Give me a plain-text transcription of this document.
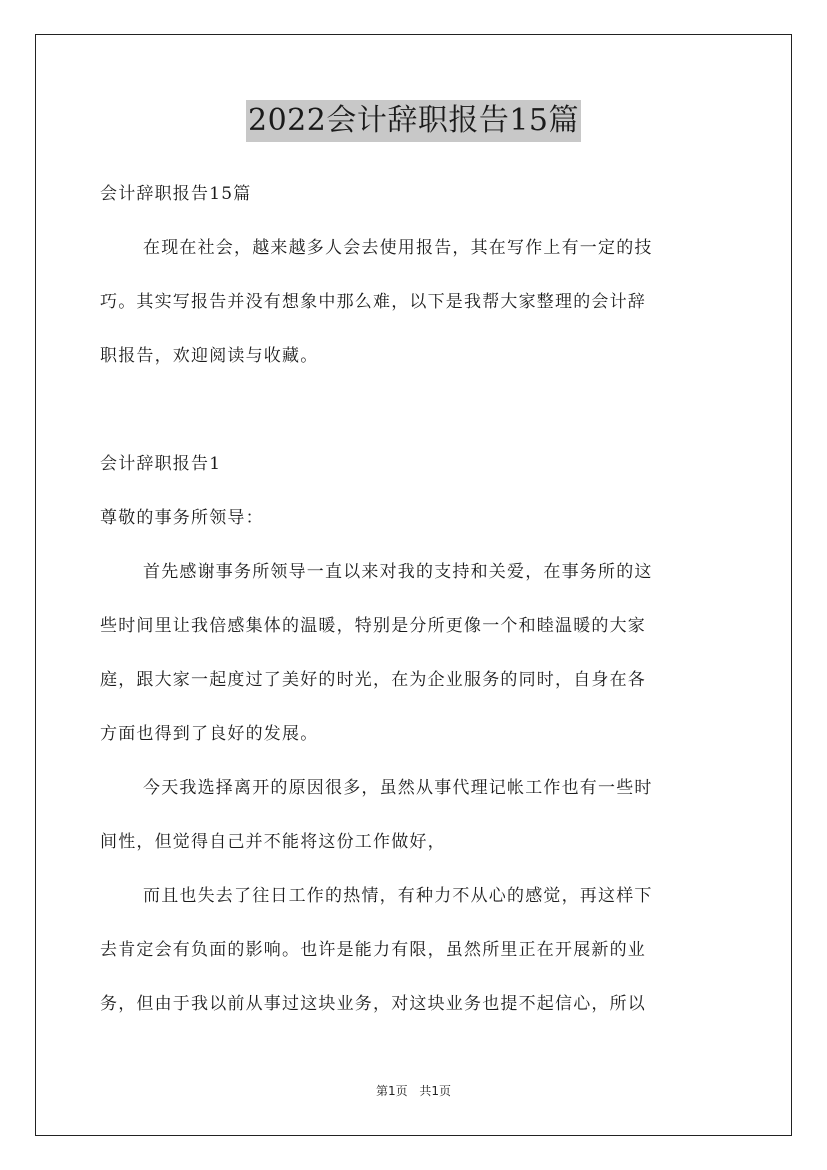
2022会计辞职报告15篇
会计辞职报告15篇
在现在社会，越来越多人会去使用报告，其在写作上有一定的技
巧。其实写报告并没有想象中那么难，以下是我帮大家整理的会计辞
职报告，欢迎阅读与收藏。
会计辞职报告1
尊敬的事务所领导：
首先感谢事务所领导一直以来对我的支持和关爱，在事务所的这
些时间里让我倍感集体的温暖，特别是分所更像一个和睦温暖的大家
庭，跟大家一起度过了美好的时光，在为企业服务的同时，自身在各
方面也得到了良好的发展。
今天我选择离开的原因很多，虽然从事代理记帐工作也有一些时
间性，但觉得自己并不能将这份工作做好，
而且也失去了往日工作的热情，有种力不从心的感觉，再这样下
去肯定会有负面的影响。也许是能力有限，虽然所里正在开展新的业
务，但由于我以前从事过这块业务，对这块业务也提不起信心，所以
第1页 共1页
